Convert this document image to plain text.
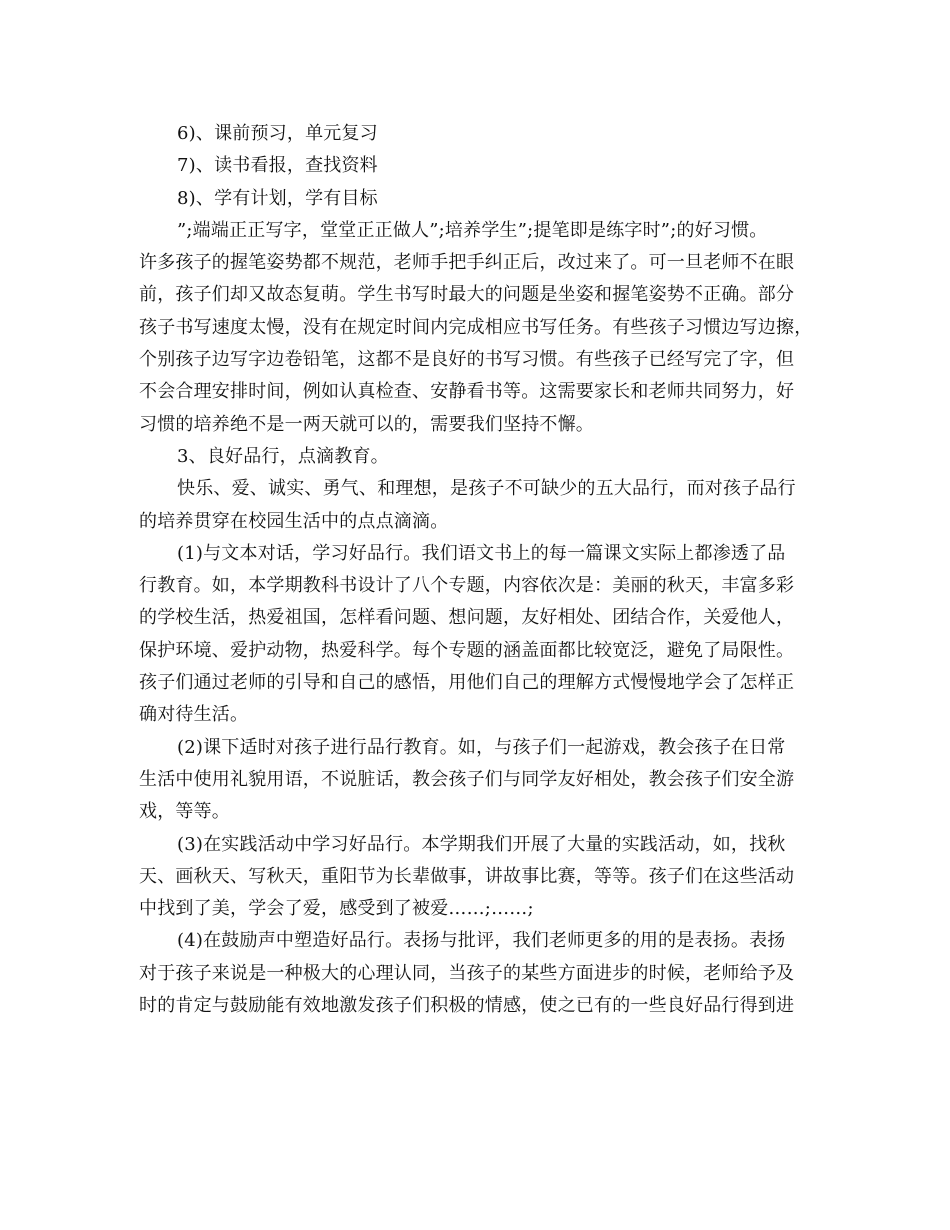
6)、课前预习，单元复习
7)、读书看报，查找资料
8)、学有计划，学有目标
”;端端正正写字，堂堂正正做人”;培养学生”;提笔即是练字时”;的好习惯。
许多孩子的握笔姿势都不规范，老师手把手纠正后，改过来了。可一旦老师不在眼
前，孩子们却又故态复萌。学生书写时最大的问题是坐姿和握笔姿势不正确。部分
孩子书写速度太慢，没有在规定时间内完成相应书写任务。有些孩子习惯边写边擦，
个别孩子边写字边卷铅笔，这都不是良好的书写习惯。有些孩子已经写完了字，但
不会合理安排时间，例如认真检查、安静看书等。这需要家长和老师共同努力，好
习惯的培养绝不是一两天就可以的，需要我们坚持不懈。
3、良好品行，点滴教育。
快乐、爱、诚实、勇气、和理想，是孩子不可缺少的五大品行，而对孩子品行
的培养贯穿在校园生活中的点点滴滴。
(1)与文本对话，学习好品行。我们语文书上的每一篇课文实际上都渗透了品
行教育。如，本学期教科书设计了八个专题，内容依次是：美丽的秋天，丰富多彩
的学校生活，热爱祖国，怎样看问题、想问题，友好相处、团结合作，关爱他人，
保护环境、爱护动物，热爱科学。每个专题的涵盖面都比较宽泛，避免了局限性。
孩子们通过老师的引导和自己的感悟，用他们自己的理解方式慢慢地学会了怎样正
确对待生活。
(2)课下适时对孩子进行品行教育。如，与孩子们一起游戏，教会孩子在日常
生活中使用礼貌用语，不说脏话，教会孩子们与同学友好相处，教会孩子们安全游
戏，等等。
(3)在实践活动中学习好品行。本学期我们开展了大量的实践活动，如，找秋
天、画秋天、写秋天，重阳节为长辈做事，讲故事比赛，等等。孩子们在这些活动
中找到了美，学会了爱，感受到了被爱……;……;
(4)在鼓励声中塑造好品行。表扬与批评，我们老师更多的用的是表扬。表扬
对于孩子来说是一种极大的心理认同，当孩子的某些方面进步的时候，老师给予及
时的肯定与鼓励能有效地激发孩子们积极的情感，使之已有的一些良好品行得到进
